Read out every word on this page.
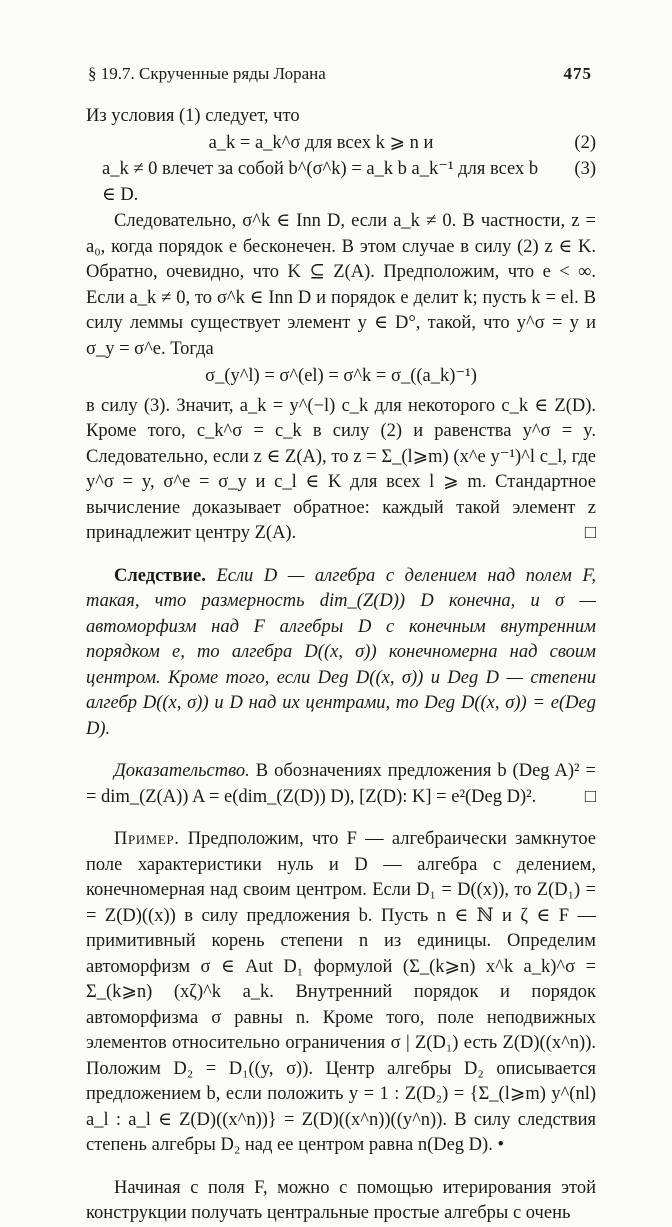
§ 19.7. Скрученные ряды Лорана	475

Из условия (1) следует, что

a_k = a_k^σ для всех k ⩾ n и	(2)
a_k ≠ 0 влечет за собой b^(σ^k) = a_k b a_k⁻¹ для всех b ∈ D.
(3)

Следовательно, σ^k ∈ Inn D, если a_k ≠ 0. В частности, z = a₀, когда порядок e бесконечен. В этом случае в силу (2) z ∈ K. Обратно, очевидно, что K ⊆ Z(A). Предположим, что e < ∞. Если a_k ≠ 0, то σ^k ∈ Inn D и порядок e делит k; пусть k = el. В силу леммы существует элемент y ∈ D°, такой, что y^σ = y и σ_y = σ^e. Тогда

σ_(y^l) = σ^(el) = σ^k = σ_((a_k)⁻¹)

в силу (3). Значит, a_k = y^(−l) c_k для некоторого c_k ∈ Z(D). Кроме того, c_k^σ = c_k в силу (2) и равенства y^σ = y. Следовательно, если z ∈ Z(A), то z = Σ_(l⩾m) (x^e y⁻¹)^l c_l, где y^σ = y, σ^e = σ_y и c_l ∈ K для всех l ⩾ m. Стандартное вычисление доказывает обратное: каждый такой элемент z принадлежит центру Z(A).	□

Следствие. Если D — алгебра с делением над полем F, такая, что размерность dim_(Z(D)) D конечна, и σ — автоморфизм над F алгебры D с конечным внутренним порядком e, то алгебра D((x, σ)) конечномерна над своим центром. Кроме того, если Deg D((x, σ)) и Deg D — степени алгебр D((x, σ)) и D над их центрами, то Deg D((x, σ)) = e(Deg D).

Доказательство. В обозначениях предложения b (Deg A)² = = dim_(Z(A)) A = e(dim_(Z(D)) D), [Z(D): K] = e²(Deg D)².	□

Пример. Предположим, что F — алгебраически замкнутое поле характеристики нуль и D — алгебра с делением, конечномерная над своим центром. Если D₁ = D((x)), то Z(D₁) = = Z(D)((x)) в силу предложения b. Пусть n ∈ ℕ и ζ ∈ F — примитивный корень степени n из единицы. Определим автоморфизм σ ∈ Aut D₁ формулой (Σ_(k⩾n) x^k a_k)^σ = Σ_(k⩾n) (xζ)^k a_k. Внутренний порядок и порядок автоморфизма σ равны n. Кроме того, поле неподвижных элементов относительно ограничения σ | Z(D₁) есть Z(D)((x^n)). Положим D₂ = D₁((y, σ)). Центр алгебры D₂ описывается предложением b, если положить y = 1 : Z(D₂) = {Σ_(l⩾m) y^(nl) a_l : a_l ∈ Z(D)((x^n))} = Z(D)((x^n))((y^n)). В силу следствия степень алгебры D₂ над ее центром равна n(Deg D). •

Начиная с поля F, можно с помощью итерирования этой конструкции получать центральные простые алгебры с очень
